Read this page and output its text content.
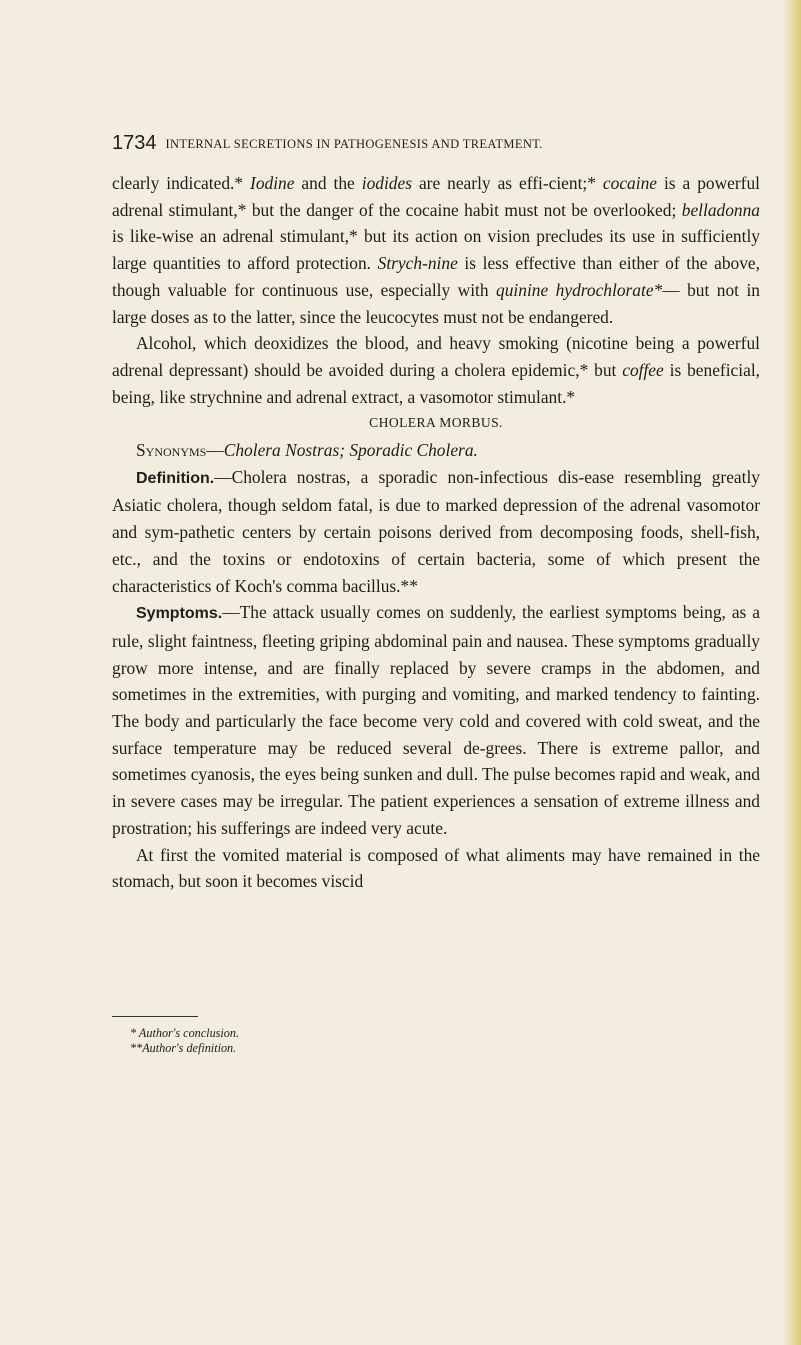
1734 INTERNAL SECRETIONS IN PATHOGENESIS AND TREATMENT.

clearly indicated.* Iodine and the iodides are nearly as effi-cient;* cocaine is a powerful adrenal stimulant,* but the danger of the cocaine habit must not be overlooked; belladonna is like-wise an adrenal stimulant,* but its action on vision precludes its use in sufficiently large quantities to afford protection. Strych-nine is less effective than either of the above, though valuable for continuous use, especially with quinine hydrochlorate*— but not in large doses as to the latter, since the leucocytes must not be endangered.

Alcohol, which deoxidizes the blood, and heavy smoking (nicotine being a powerful adrenal depressant) should be avoided during a cholera epidemic,* but coffee is beneficial, being, like strychnine and adrenal extract, a vasomotor stimulant.*

CHOLERA MORBUS.

Synonyms—Cholera Nostras; Sporadic Cholera.

Definition.—Cholera nostras, a sporadic non-infectious dis-ease resembling greatly Asiatic cholera, though seldom fatal, is due to marked depression of the adrenal vasomotor and sym-pathetic centers by certain poisons derived from decomposing foods, shell-fish, etc., and the toxins or endotoxins of certain bacteria, some of which present the characteristics of Koch's comma bacillus.**

Symptoms.—The attack usually comes on suddenly, the earliest symptoms being, as a rule, slight faintness, fleeting griping abdominal pain and nausea. These symptoms gradually grow more intense, and are finally replaced by severe cramps in the abdomen, and sometimes in the extremities, with purging and vomiting, and marked tendency to fainting. The body and particularly the face become very cold and covered with cold sweat, and the surface temperature may be reduced several de-grees. There is extreme pallor, and sometimes cyanosis, the eyes being sunken and dull. The pulse becomes rapid and weak, and in severe cases may be irregular. The patient experiences a sensation of extreme illness and prostration; his sufferings are indeed very acute.

At first the vomited material is composed of what aliments may have remained in the stomach, but soon it becomes viscid

* Author's conclusion.
**Author's definition.
